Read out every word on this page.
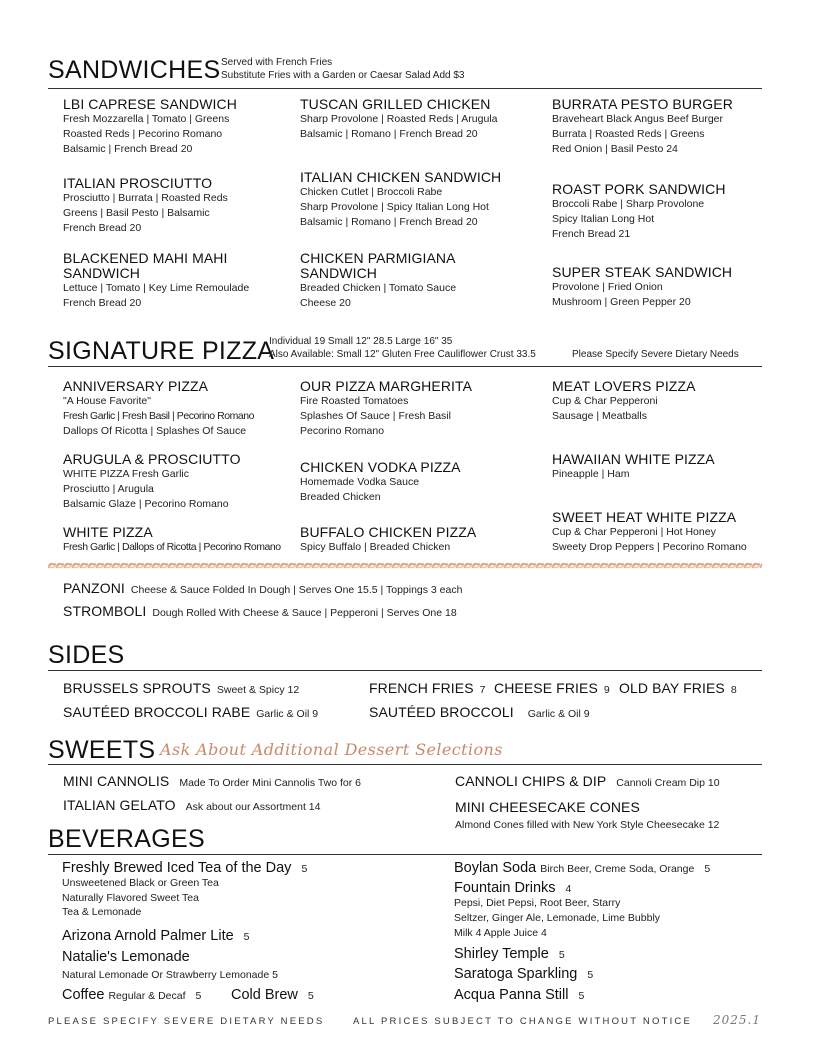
SANDWICHES Served with French Fries
Substitute Fries with a Garden or Caesar Salad Add $3
LBI CAPRESE SANDWICH
Fresh Mozzarella | Tomato | Greens
Roasted Reds | Pecorino Romano
Balsamic | French Bread 20
TUSCAN GRILLED CHICKEN
Sharp Provolone | Roasted Reds | Arugula
Balsamic | Romano | French Bread 20
BURRATA PESTO BURGER
Braveheart Black Angus Beef Burger
Burrata | Roasted Reds | Greens
Red Onion | Basil Pesto 24
ITALIAN PROSCIUTTO
Prosciutto | Burrata | Roasted Reds
Greens | Basil Pesto | Balsamic
French Bread 20
ITALIAN CHICKEN SANDWICH
Chicken Cutlet | Broccoli Rabe
Sharp Provolone | Spicy Italian Long Hot
Balsamic | Romano | French Bread 20
ROAST PORK SANDWICH
Broccoli Rabe | Sharp Provolone
Spicy Italian Long Hot
French Bread 21
BLACKENED MAHI MAHI
SANDWICH
Lettuce | Tomato | Key Lime Remoulade
French Bread 20
CHICKEN PARMIGIANA
SANDWICH
Breaded Chicken | Tomato Sauce
Cheese 20
SUPER STEAK SANDWICH
Provolone | Fried Onion
Mushroom | Green Pepper 20
SIGNATURE PIZZA
Individual 19 Small 12" 28.5 Large 16" 35
Also Available: Small 12" Gluten Free Cauliflower Crust 33.5	Please Specify Severe Dietary Needs
ANNIVERSARY PIZZA
"A House Favorite"
Fresh Garlic | Fresh Basil | Pecorino Romano
Dallops Of Ricotta | Splashes Of Sauce
OUR PIZZA MARGHERITA
Fire Roasted Tomatoes
Splashes Of Sauce | Fresh Basil
Pecorino Romano
MEAT LOVERS PIZZA
Cup & Char Pepperoni
Sausage | Meatballs
ARUGULA & PROSCIUTTO
WHITE PIZZA Fresh Garlic
Prosciutto | Arugula
Balsamic Glaze | Pecorino Romano
CHICKEN VODKA PIZZA
Homemade Vodka Sauce
Breaded Chicken
HAWAIIAN WHITE PIZZA
Pineapple | Ham
WHITE PIZZA
Fresh Garlic | Dallops of Ricotta | Pecorino Romano
BUFFALO CHICKEN PIZZA
Spicy Buffalo | Breaded Chicken
SWEET HEAT WHITE PIZZA
Cup & Char Pepperoni | Hot Honey
Sweety Drop Peppers | Pecorino Romano
PANZONI Cheese & Sauce Folded In Dough | Serves One 15.5 | Toppings 3 each
STROMBOLI Dough Rolled With Cheese & Sauce | Pepperoni | Serves One 18
SIDES
BRUSSELS SPROUTS Sweet & Spicy 12	FRENCH FRIES 7 CHEESE FRIES 9 OLD BAY FRIES 8
SAUTÉED BROCCOLI RABE Garlic & Oil 9	SAUTÉED BROCCOLI Garlic & Oil 9
SWEETS Ask About Additional Dessert Selections
MINI CANNOLIS Made To Order Mini Cannolis Two for 6	CANNOLI CHIPS & DIP Cannoli Cream Dip 10
ITALIAN GELATO Ask about our Assortment 14	MINI CHEESECAKE CONES
Almond Cones filled with New York Style Cheesecake 12
BEVERAGES
Freshly Brewed Iced Tea of the Day 5
Unsweetened Black or Green Tea
Naturally Flavored Sweet Tea
Tea & Lemonade
Arizona Arnold Palmer Lite 5
Natalie's Lemonade
Natural Lemonade Or Strawberry Lemonade 5
Coffee Regular & Decaf 5 Cold Brew 5
Boylan Soda Birch Beer, Creme Soda, Orange 5
Fountain Drinks 4
Pepsi, Diet Pepsi, Root Beer, Starry
Seltzer, Ginger Ale, Lemonade, Lime Bubbly
Milk 4 Apple Juice 4
Shirley Temple 5
Saratoga Sparkling 5
Acqua Panna Still 5
PLEASE SPECIFY SEVERE DIETARY NEEDS	ALL PRICES SUBJECT TO CHANGE WITHOUT NOTICE 2025.1
